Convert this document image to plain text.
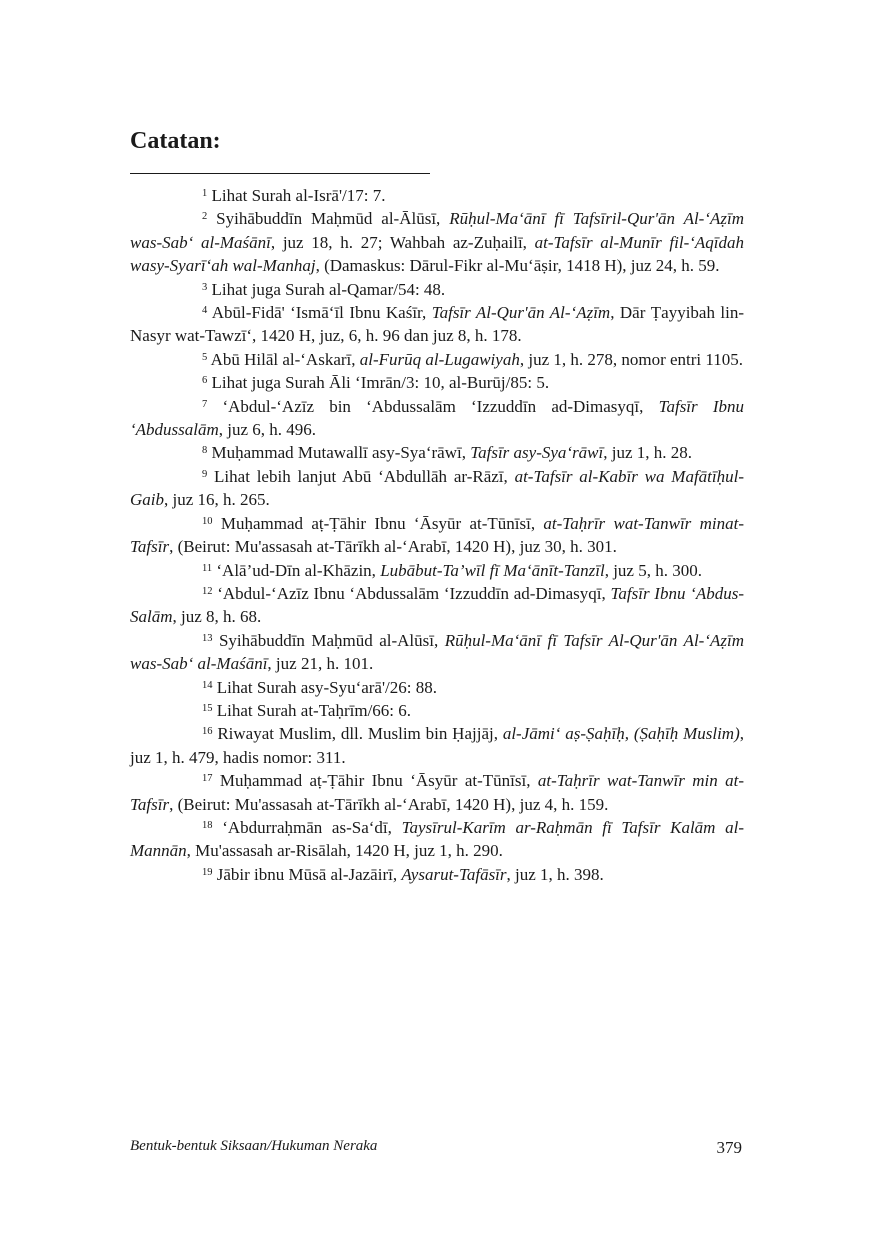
Catatan:

$^1$ Lihat Surah al-Isrā'/17: 7.

$^2$ Syihābuddīn Maḥmūd al-Ālūsī, Rūḥul-Ma‘ānī fī Tafsīril-Qur'ān Al-‘Aẓīm was-Sab‘ al-Maśānī, juz 18, h. 27; Wahbah az-Zuḥailī, at-Tafsīr al-Munīr fil-‘Aqīdah wasy-Syarī‘ah wal-Manhaj, (Damaskus: Dārul-Fikr al-Mu‘āṣir, 1418 H), juz 24, h. 59.

$^3$ Lihat juga Surah al-Qamar/54: 48.

$^4$ Abūl-Fidā' ‘Ismā‘īl Ibnu Kaśīr, Tafsīr Al-Qur'ān Al-‘Aẓīm, Dār Ṭayyibah lin-Nasyr wat-Tawzī‘, 1420 H, juz, 6, h. 96 dan juz 8, h. 178.

$^5$ Abū Hilāl al-‘Askarī, al-Furūq al-Lugawiyah, juz 1, h. 278, nomor entri 1105.

$^6$ Lihat juga Surah Āli ‘Imrān/3: 10, al-Burūj/85: 5.

$^7$ ‘Abdul-‘Azīz bin ‘Abdussalām ‘Izzuddīn ad-Dimasyqī, Tafsīr Ibnu ‘Abdussalām, juz 6, h. 496.

$^8$ Muḥammad Mutawallī asy-Sya‘rāwī, Tafsīr asy-Sya‘rāwī, juz 1, h. 28.

$^9$ Lihat lebih lanjut Abū ‘Abdullāh ar-Rāzī, at-Tafsīr al-Kabīr wa Mafātīḥul-Gaib, juz 16, h. 265.

$^{10}$ Muḥammad aṭ-Ṭāhir Ibnu ‘Āsyūr at-Tūnīsī, at-Taḥrīr wat-Tanwīr minat-Tafsīr, (Beirut: Mu'assasah at-Tārīkh al-‘Arabī, 1420 H), juz 30, h. 301.

$^{11}$ ‘Alā’ud-Dīn al-Khāzin, Lubābut-Ta’wīl fī Ma‘ānīt-Tanzīl, juz 5, h. 300.

$^{12}$ ‘Abdul-‘Azīz Ibnu ‘Abdussalām ‘Izzuddīn ad-Dimasyqī, Tafsīr Ibnu ‘Abdus-Salām, juz 8, h. 68.

$^{13}$ Syihābuddīn Maḥmūd al-Alūsī, Rūḥul-Ma‘ānī fī Tafsīr Al-Qur'ān Al-‘Aẓīm was-Sab‘ al-Maśānī, juz 21, h. 101.

$^{14}$ Lihat Surah asy-Syu‘arā'/26: 88.

$^{15}$ Lihat Surah at-Taḥrīm/66: 6.

$^{16}$ Riwayat Muslim, dll. Muslim bin Ḥajjāj, al-Jāmi‘ aṣ-Ṣaḥīḥ, (Ṣaḥīḥ Muslim), juz 1, h. 479, hadis nomor: 311.

$^{17}$ Muḥammad aṭ-Ṭāhir Ibnu ‘Āsyūr at-Tūnīsī, at-Taḥrīr wat-Tanwīr min at-Tafsīr, (Beirut: Mu'assasah at-Tārīkh al-‘Arabī, 1420 H), juz 4, h. 159.

$^{18}$ ‘Abdurraḥmān as-Sa‘dī, Taysīrul-Karīm ar-Raḥmān fī Tafsīr Kalām al-Mannān, Mu'assasah ar-Risālah, 1420 H, juz 1, h. 290.

$^{19}$ Jābir ibnu Mūsā al-Jazāirī, Aysarut-Tafāsīr, juz 1, h. 398.

Bentuk-bentuk Siksaan/Hukuman Neraka	379
